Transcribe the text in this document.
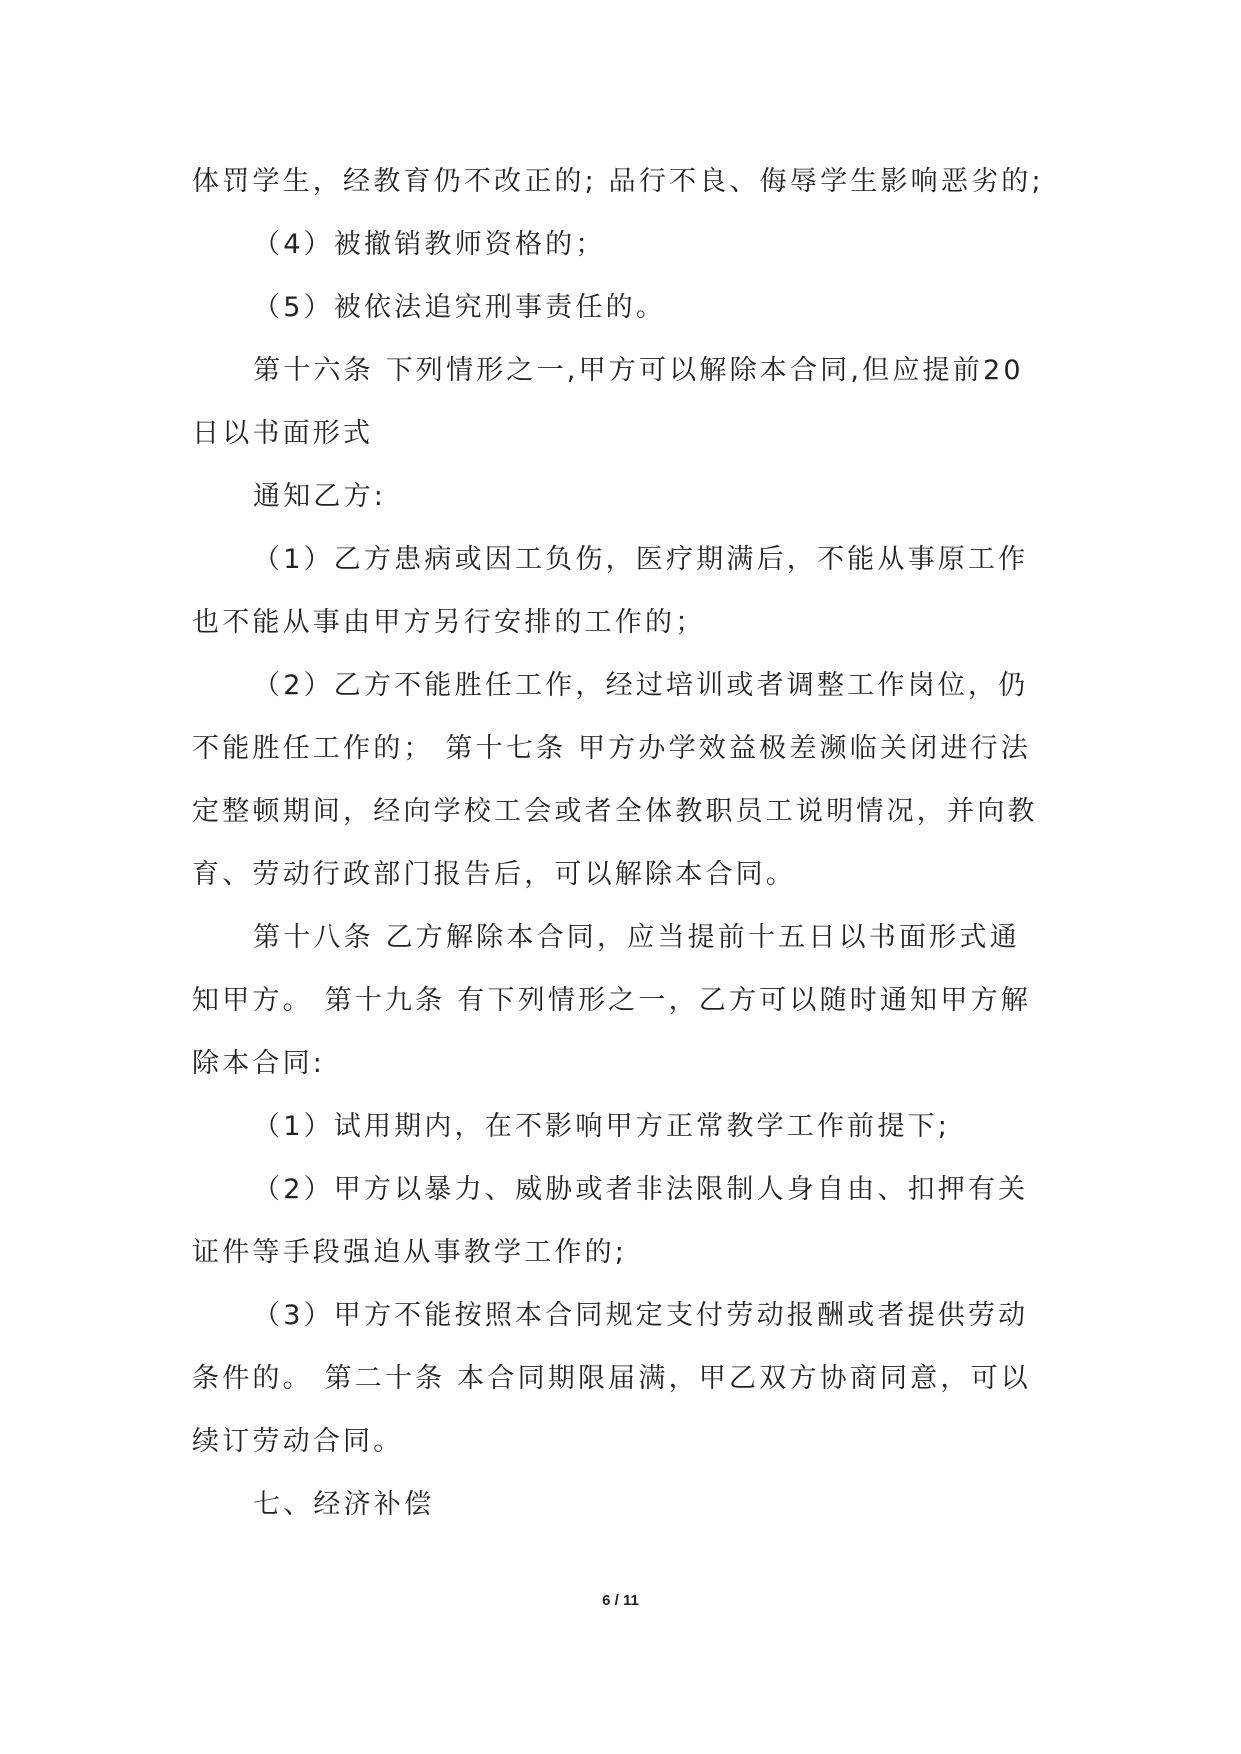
体罚学生，经教育仍不改正的; 品行不良、侮辱学生影响恶劣的;
（4）被撤销教师资格的；
（5）被依法追究刑事责任的。
第十六条 下列情形之一,甲方可以解除本合同,但应提前20
日以书面形式
通知乙方:
（1）乙方患病或因工负伤，医疗期满后，不能从事原工作
也不能从事由甲方另行安排的工作的；
（2）乙方不能胜任工作，经过培训或者调整工作岗位，仍
不能胜任工作的； 第十七条 甲方办学效益极差濒临关闭进行法
定整顿期间，经向学校工会或者全体教职员工说明情况，并向教
育、劳动行政部门报告后，可以解除本合同。
第十八条 乙方解除本合同，应当提前十五日以书面形式通
知甲方。 第十九条 有下列情形之一，乙方可以随时通知甲方解
除本合同:
（1）试用期内，在不影响甲方正常教学工作前提下;
（2）甲方以暴力、威胁或者非法限制人身自由、扣押有关
证件等手段强迫从事教学工作的;
（3）甲方不能按照本合同规定支付劳动报酬或者提供劳动
条件的。 第二十条 本合同期限届满，甲乙双方协商同意，可以
续订劳动合同。
七、经济补偿
6 / 11
